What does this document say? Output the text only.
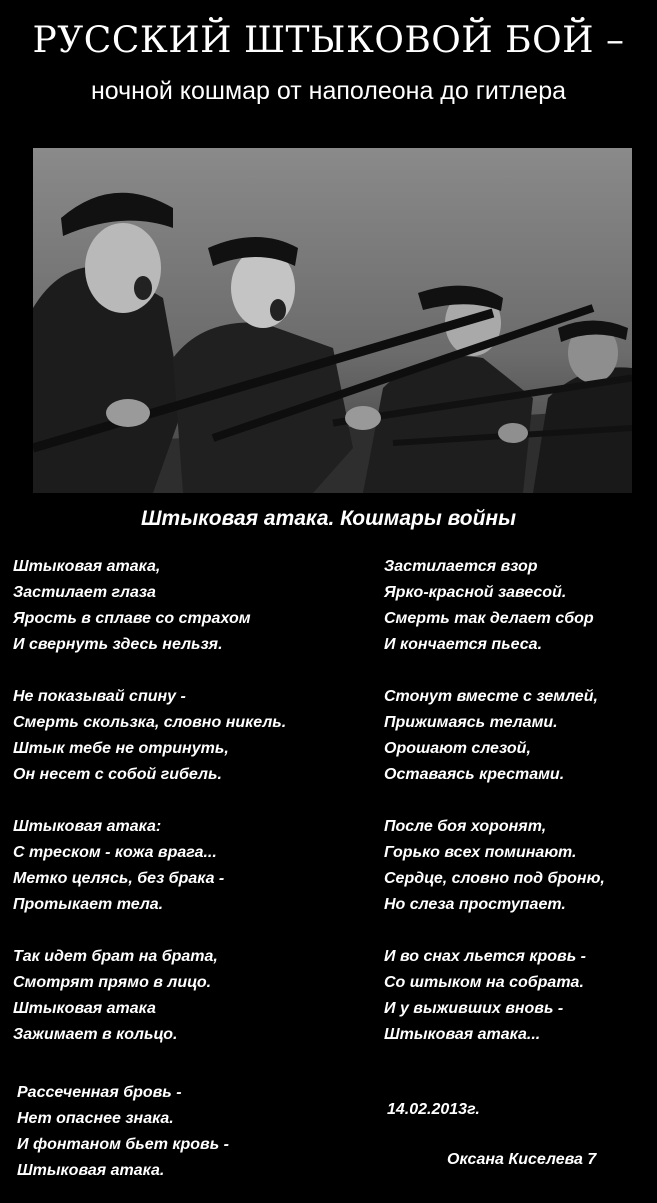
РУССКИЙ ШТЫКОВОЙ БОЙ –
ночной кошмар от наполеона до гитлера
Штыковая атака. Кошмары войны
Штыковая атака,
Застилает глаза
Ярость в сплаве со страхом
И свернуть здесь нельзя.
Не показывай спину -
Смерть скользка, словно никель.
Штык тебе не отринуть,
Он несет с собой гибель.
Штыковая атака:
С треском - кожа врага...
Метко целясь, без брака -
Протыкает тела.
Так идет брат на брата,
Смотрят прямо в лицо.
Штыковая атака
Зажимает в кольцо.
Застилается взор
Ярко-красной завесой.
Смерть так делает сбор
И кончается пьеса.
Стонут вместе с землей,
Прижимаясь телами.
Орошают слезой,
Оставаясь крестами.
После боя хоронят,
Горько всех поминают.
Сердце, словно под броню,
Но слеза проступает.
И во снах льется кровь -
Со штыком на собрата.
И у выживших вновь -
Штыковая атака...
Рассеченная бровь -
Нет опаснее знака.
И фонтаном бьет кровь -
Штыковая атака.
14.02.2013г.
Оксана Киселева 7
